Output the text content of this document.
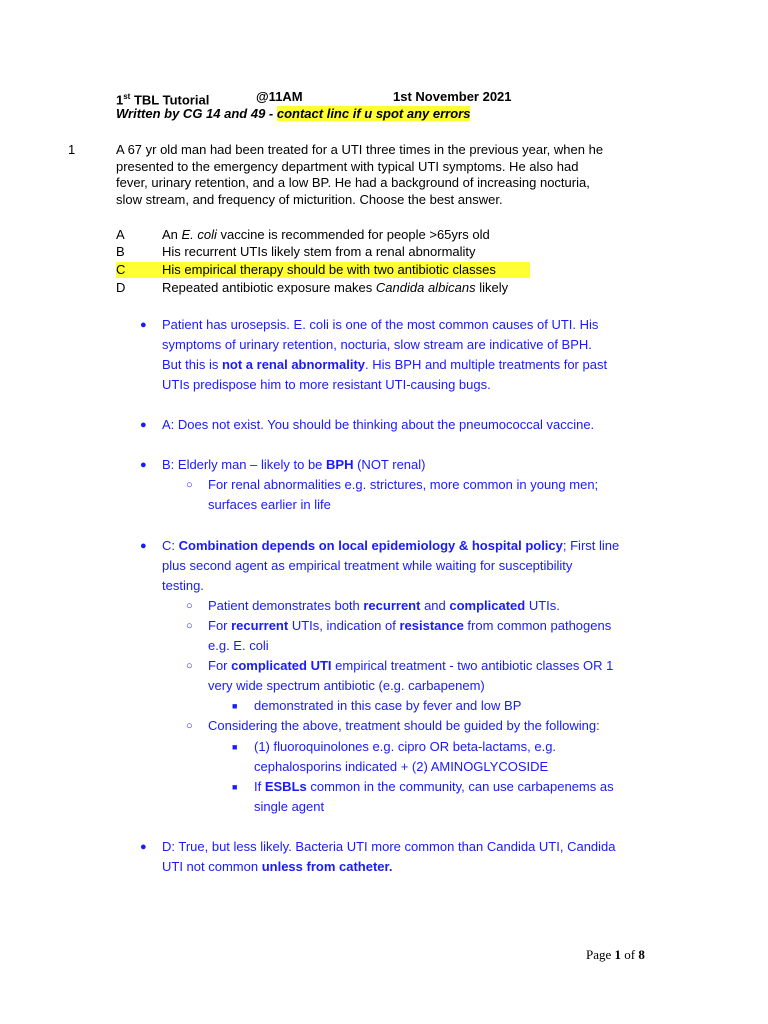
1st TBL Tutorial	@11AM	1st November 2021
Written by CG 14 and 49 - contact linc if u spot any errors
1	A 67 yr old man had been treated for a UTI three times in the previous year, when he
presented to the emergency department with typical UTI symptoms. He also had
fever, urinary retention, and a low BP. He had a background of increasing nocturia,
slow stream, and frequency of micturition. Choose the best answer.
A	An E. coli vaccine is recommended for people >65yrs old
B	His recurrent UTIs likely stem from a renal abnormality
C	His empirical therapy should be with two antibiotic classes
D	Repeated antibiotic exposure makes Candida albicans likely
● Patient has urosepsis. E. coli is one of the most common causes of UTI. His
symptoms of urinary retention, nocturia, slow stream are indicative of BPH.
But this is not a renal abnormality. His BPH and multiple treatments for past
UTIs predispose him to more resistant UTI-causing bugs.
● A: Does not exist. You should be thinking about the pneumococcal vaccine.
● B: Elderly man – likely to be BPH (NOT renal)
○ For renal abnormalities e.g. strictures, more common in young men;
surfaces earlier in life
● C: Combination depends on local epidemiology & hospital policy; First line
plus second agent as empirical treatment while waiting for susceptibility
testing.
○ Patient demonstrates both recurrent and complicated UTIs.
○ For recurrent UTIs, indication of resistance from common pathogens
e.g. E. coli
○ For complicated UTI empirical treatment - two antibiotic classes OR 1
very wide spectrum antibiotic (e.g. carbapenem)
■ demonstrated in this case by fever and low BP
○ Considering the above, treatment should be guided by the following:
■ (1) fluoroquinolones e.g. cipro OR beta-lactams, e.g.
cephalosporins indicated + (2) AMINOGLYCOSIDE
■ If ESBLs common in the community, can use carbapenems as
single agent
● D: True, but less likely. Bacteria UTI more common than Candida UTI, Candida
UTI not common unless from catheter.
Page 1 of 8
